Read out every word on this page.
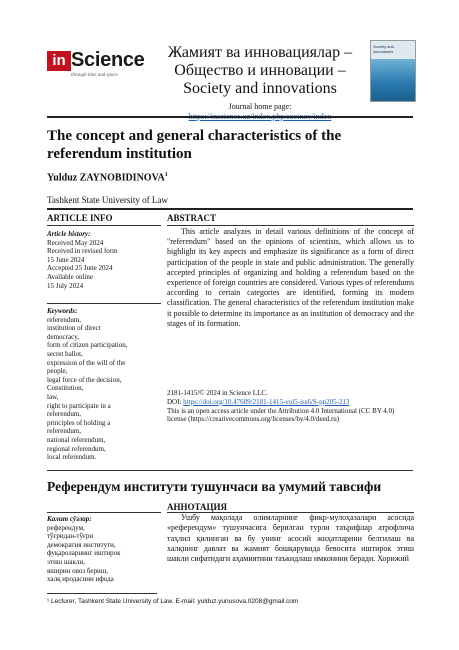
in Science
through time and space
Жамият ва инновациялар –
Общество и инновации –
Society and innovations
Journal home page:
Society and innovations
The concept and general characteristics of the referendum institution
Yulduz ZAYNOBIDINOVA$^1$
Tashkent State University of Law
ARTICLE INFO
Article history:
Received May 2024
Received in revised form
15 June 2024
Accepted 25 June 2024
Available online
15 July 2024
Keywords:
referendum,
institution of direct
democracy,
form of citizen participation,
secret ballot,
expression of the will of the
people,
legal force of the decision,
Constitution,
law,
right to participate in a
referendum,
principles of holding a
referendum,
national referendum,
regional referendum,
local referendum.
ABSTRACT
This article analyzes in detail various definitions of the concept of "referendum" based on the opinions of scientists, which allows us to highlight its key aspects and emphasize its significance as a form of direct participation of the people in state and public administration. The generally accepted principles of organizing and holding a referendum based on the experience of foreign countries are considered. Various types of referendums according to certain categories are identified, forming its modern classification. The general characteristics of the referendum institution make it possible to determine its importance as an institution of democracy and the stages of its formation.
2181-1415/© 2024 in Science LLC.
DOI: https://doi.org/10.47689/2181-1415-vol5-iss6/S-pp205-213
This is an open access article under the Attribution 4.0 International (CC BY 4.0) license (https://creativecommons.org/licenses/by/4.0/deed.ru)
Референдум институти тушунчаси ва умумий тавсифи
АННОТАЦИЯ
Калит сўзлар:
референдум,
тўғридан-тўғри
демократия институти,
фуқароларнинг иштирок
этиш шакли,
яширин овоз бериш,
халқ иродасини ифода
Ушбу мақолада олимларнинг фикр-мулоҳазалари асосида «референдум» тушунчасига берилган турли таърифлар атрофлича таҳлил қилинган ва бу унинг асосий жиҳатларини белгилаш ва халқнинг давлат ва жамият бошқарувида бевосита иштирок этиш шакли сифатидаги аҳамиятини таъкидлаш имконини беради. Хорижий
¹ Lecturer, Tashkent State University of Law. E-mail: yulduz.yunusova.0208@gmail.com
